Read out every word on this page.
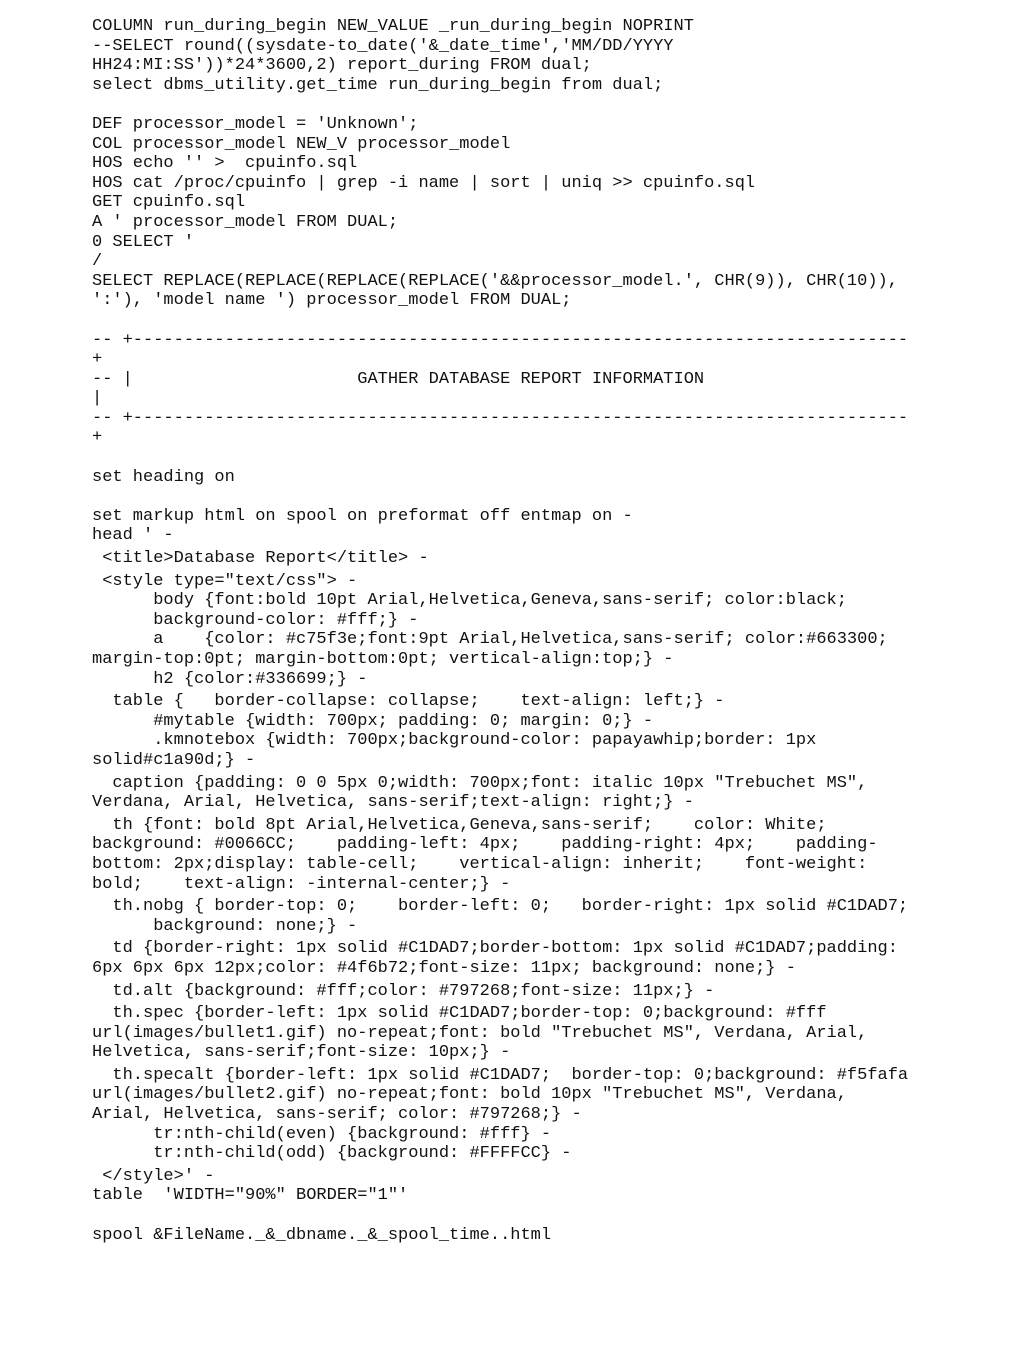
COLUMN run_during_begin NEW_VALUE _run_during_begin NOPRINT
--SELECT round((sysdate-to_date('&_date_time','MM/DD/YYYY
HH24:MI:SS'))*24*3600,2) report_during FROM dual;
select dbms_utility.get_time run_during_begin from dual;
DEF processor_model = 'Unknown';
COL processor_model NEW_V processor_model
HOS echo '' >  cpuinfo.sql
HOS cat /proc/cpuinfo | grep -i name | sort | uniq >> cpuinfo.sql
GET cpuinfo.sql
A ' processor_model FROM DUAL;
0 SELECT '
/
SELECT REPLACE(REPLACE(REPLACE(REPLACE('&&processor_model.', CHR(9)), CHR(10)),
':'), 'model name ') processor_model FROM DUAL;
-- +----------------------------------------------------------------------------
+
-- |                      GATHER DATABASE REPORT INFORMATION
|
-- +----------------------------------------------------------------------------
+
set heading on
set markup html on spool on preformat off entmap on -
head ' -
<title>Database Report</title> -
<style type="text/css"> -
body {font:bold 10pt Arial,Helvetica,Geneva,sans-serif; color:black;
background-color: #fff;} -
a    {color: #c75f3e;font:9pt Arial,Helvetica,sans-serif; color:#663300;
margin-top:0pt; margin-bottom:0pt; vertical-align:top;} -
h2 {color:#336699;} -
table {   border-collapse: collapse;    text-align: left;} -
#mytable {width: 700px; padding: 0; margin: 0;} -
.kmnotebox {width: 700px;background-color: papayawhip;border: 1px
solid#c1a90d;} -
caption {padding: 0 0 5px 0;width: 700px;font: italic 10px "Trebuchet MS",
Verdana, Arial, Helvetica, sans-serif;text-align: right;} -
th {font: bold 8pt Arial,Helvetica,Geneva,sans-serif;    color: White;
background: #0066CC;    padding-left: 4px;    padding-right: 4px;    padding-
bottom: 2px;display: table-cell;    vertical-align: inherit;    font-weight:
bold;    text-align: -internal-center;} -
th.nobg { border-top: 0;    border-left: 0;   border-right: 1px solid #C1DAD7;
background: none;} -
td {border-right: 1px solid #C1DAD7;border-bottom: 1px solid #C1DAD7;padding:
6px 6px 6px 12px;color: #4f6b72;font-size: 11px; background: none;} -
td.alt {background: #fff;color: #797268;font-size: 11px;} -
th.spec {border-left: 1px solid #C1DAD7;border-top: 0;background: #fff
url(images/bullet1.gif) no-repeat;font: bold "Trebuchet MS", Verdana, Arial,
Helvetica, sans-serif;font-size: 10px;} -
th.specalt {border-left: 1px solid #C1DAD7;  border-top: 0;background: #f5fafa
url(images/bullet2.gif) no-repeat;font: bold 10px "Trebuchet MS", Verdana,
Arial, Helvetica, sans-serif; color: #797268;} -
tr:nth-child(even) {background: #fff} -
tr:nth-child(odd) {background: #FFFFCC} -
</style>' -
table  'WIDTH="90%" BORDER="1"'
spool &FileName._&_dbname._&_spool_time..html
